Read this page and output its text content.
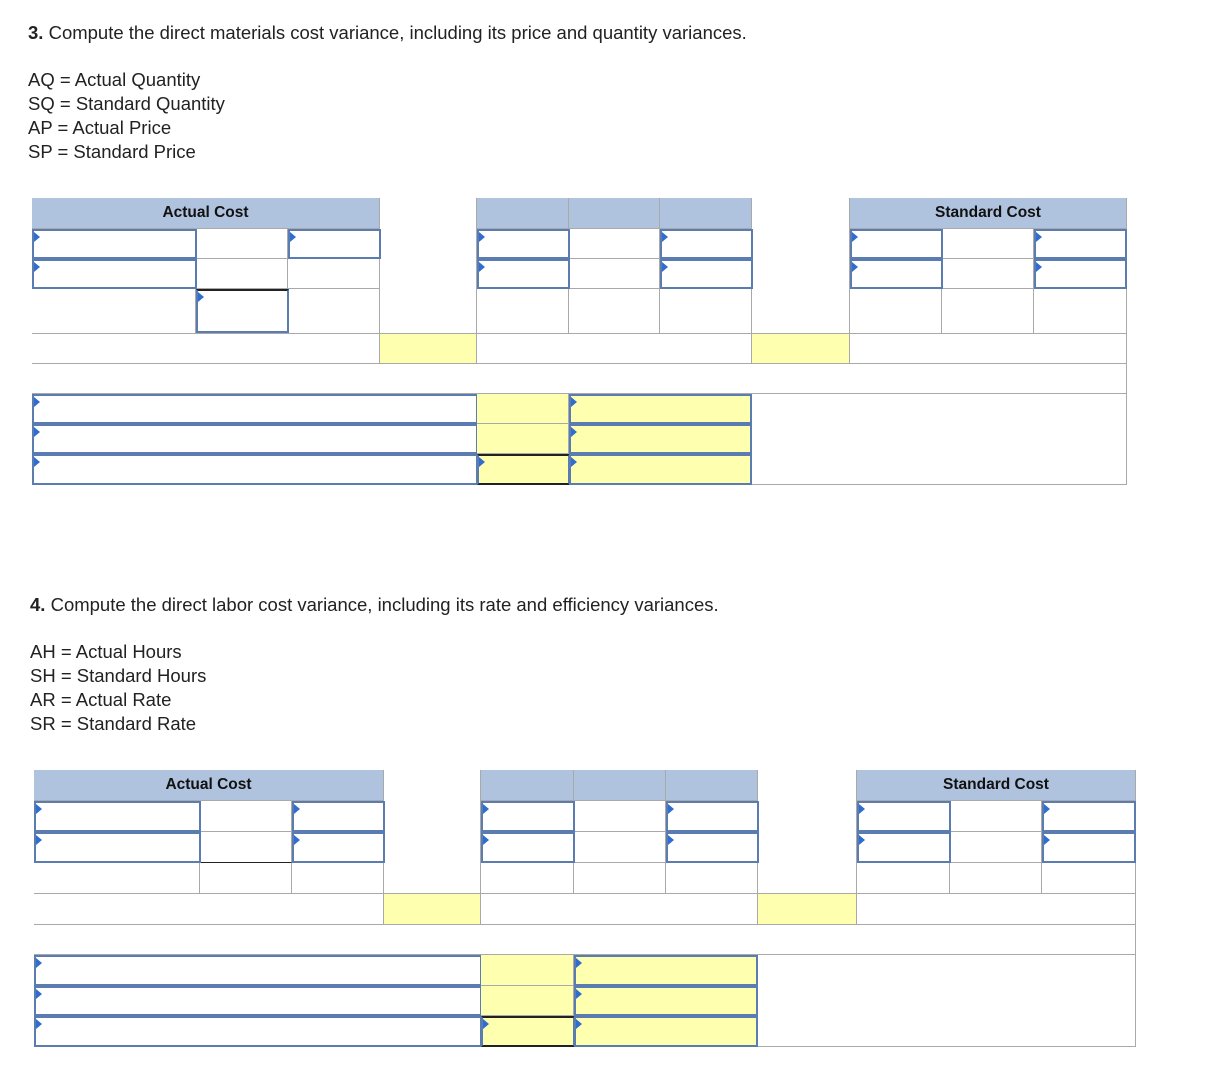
3. Compute the direct materials cost variance, including its price and quantity variances.

AQ = Actual Quantity
SQ = Standard Quantity
AP = Actual Price
SP = Standard Price
Actual Cost	Standard Cost

4. Compute the direct labor cost variance, including its rate and efficiency variances.

AH = Actual Hours
SH = Standard Hours
AR = Actual Rate
SR = Standard Rate
Actual Cost	Standard Cost
